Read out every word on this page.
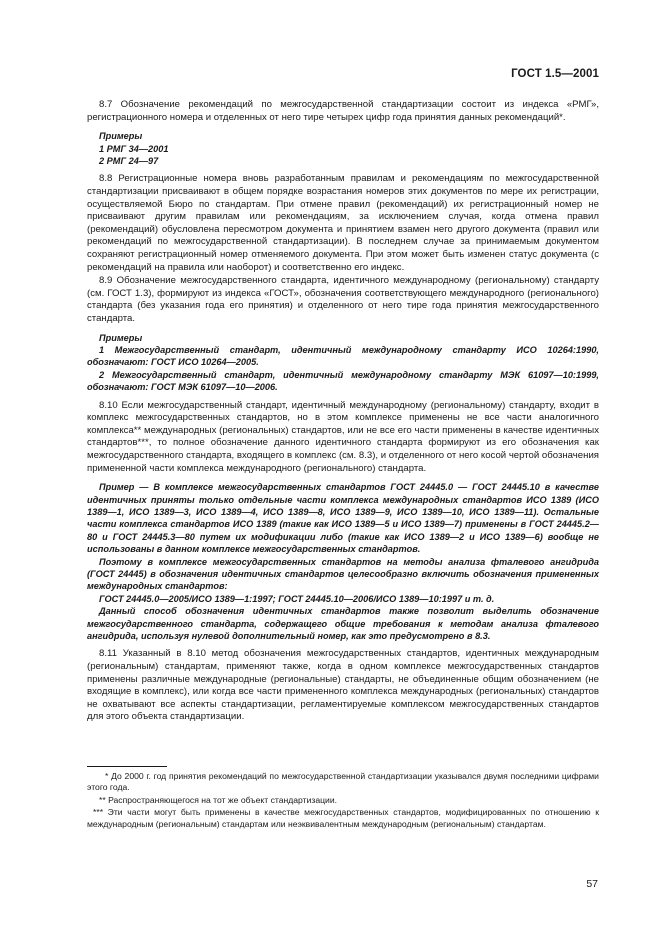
ГОСТ 1.5—2001

8.7 Обозначение рекомендаций по межгосударственной стандартизации состоит из индекса «РМГ», регистрационного номера и отделенных от него тире четырех цифр года принятия данных рекомендаций*.

Примеры

1 РМГ 34—2001

2 РМГ 24—97

8.8 Регистрационные номера вновь разработанным правилам и рекомендациям по межгосударственной стандартизации присваивают в общем порядке возрастания номеров этих документов по мере их регистрации, осуществляемой Бюро по стандартам. При отмене правил (рекомендаций) их регистрационный номер не присваивают другим правилам или рекомендациям, за исключением случая, когда отмена правил (рекомендаций) обусловлена пересмотром документа и принятием взамен него другого документа (правил или рекомендаций по межгосударственной стандартизации). В последнем случае за принимаемым документом сохраняют регистрационный номер отменяемого документа. При этом может быть изменен статус документа (с рекомендаций на правила или наоборот) и соответственно его индекс.

8.9 Обозначение межгосударственного стандарта, идентичного международному (региональному) стандарту (см. ГОСТ 1.3), формируют из индекса «ГОСТ», обозначения соответствующего международного (регионального) стандарта (без указания года его принятия) и отделенного от него тире года принятия межгосударственного стандарта.

Примеры

1 Межгосударственный стандарт, идентичный международному стандарту ИСО 10264:1990, обозначают: ГОСТ ИСО 10264—2005.

2 Межгосударственный стандарт, идентичный международному стандарту МЭК 61097—10:1999, обозначают: ГОСТ МЭК 61097—10—2006.

8.10 Если межгосударственный стандарт, идентичный международному (региональному) стандарту, входит в комплекс межгосударственных стандартов, но в этом комплексе применены не все части аналогичного комплекса** международных (региональных) стандартов, или не все его части применены в качестве идентичных стандартов***, то полное обозначение данного идентичного стандарта формируют из его обозначения как межгосударственного стандарта, входящего в комплекс (см. 8.3), и отделенного от него косой чертой обозначения примененной части комплекса международного (регионального) стандарта.

Пример — В комплексе межгосударственных стандартов ГОСТ 24445.0 — ГОСТ 24445.10 в качестве идентичных приняты только отдельные части комплекса международных стандартов ИСО 1389 (ИСО 1389—1, ИСО 1389—3, ИСО 1389—4, ИСО 1389—8, ИСО 1389—9, ИСО 1389—10, ИСО 1389—11). Остальные части комплекса стандартов ИСО 1389 (такие как ИСО 1389—5 и ИСО 1389—7) применены в ГОСТ 24445.2—80 и ГОСТ 24445.3—80 путем их модификации либо (такие как ИСО 1389—2 и ИСО 1389—6) вообще не использованы в данном комплексе межгосударственных стандартов.

Поэтому в комплексе межгосударственных стандартов на методы анализа фталевого ангидрида (ГОСТ 24445) в обозначения идентичных стандартов целесообразно включить обозначения примененных международных стандартов:

ГОСТ 24445.0—2005/ИСО 1389—1:1997; ГОСТ 24445.10—2006/ИСО 1389—10:1997 и т. д.

Данный способ обозначения идентичных стандартов также позволит выделить обозначение межгосударственного стандарта, содержащего общие требования к методам анализа фталевого ангидрида, используя нулевой дополнительный номер, как это предусмотрено в 8.3.

8.11 Указанный в 8.10 метод обозначения межгосударственных стандартов, идентичных международным (региональным) стандартам, применяют также, когда в одном комплексе межгосударственных стандартов применены различные международные (региональные) стандарты, не объединенные общим обозначением (не входящие в комплекс), или когда все части примененного комплекса международных (региональных) стандартов не охватывают все аспекты стандартизации, регламентируемые комплексом межгосударственных стандартов для этого объекта стандартизации.

* До 2000 г. год принятия рекомендаций по межгосударственной стандартизации указывался двумя последними цифрами этого года.

** Распространяющегося на тот же объект стандартизации.

*** Эти части могут быть применены в качестве межгосударственных стандартов, модифицированных по отношению к международным (региональным) стандартам или неэквивалентным международным (региональным) стандартам.

57
